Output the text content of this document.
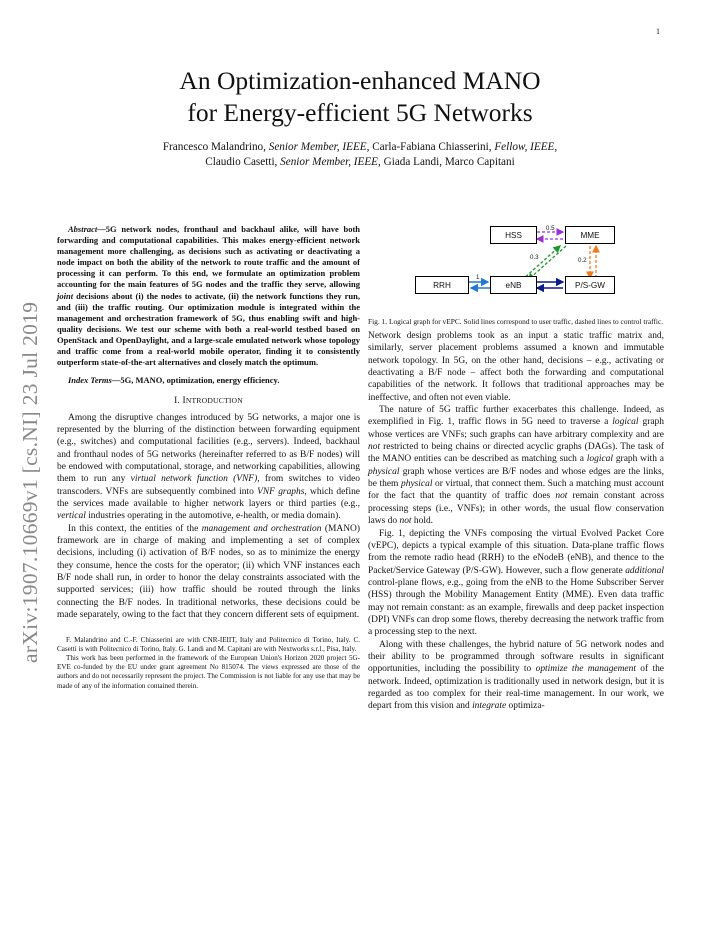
1
arXiv:1907.10669v1 [cs.NI] 23 Jul 2019
An Optimization-enhanced MANO
for Energy-efficient 5G Networks
Francesco Malandrino, Senior Member, IEEE, Carla-Fabiana Chiasserini, Fellow, IEEE,
Claudio Casetti, Senior Member, IEEE, Giada Landi, Marco Capitani

Abstract—5G network nodes, fronthaul and backhaul alike, will have both forwarding and computational capabilities. This makes energy-efficient network management more challenging, as decisions such as activating or deactivating a node impact on both the ability of the network to route traffic and the amount of processing it can perform. To this end, we formulate an optimization problem accounting for the main features of 5G nodes and the traffic they serve, allowing joint decisions about (i) the nodes to activate, (ii) the network functions they run, and (iii) the traffic routing. Our optimization module is integrated within the management and orchestration framework of 5G, thus enabling swift and high-quality decisions. We test our scheme with both a real-world testbed based on OpenStack and OpenDaylight, and a large-scale emulated network whose topology and traffic come from a real-world mobile operator, finding it to consistently outperform state-of-the-art alternatives and closely match the optimum.

Index Terms—5G, MANO, optimization, energy efficiency.

I. INTRODUCTION

Among the disruptive changes introduced by 5G networks, a major one is represented by the blurring of the distinction between forwarding equipment (e.g., switches) and computational facilities (e.g., servers). Indeed, backhaul and fronthaul nodes of 5G networks (hereinafter referred to as B/F nodes) will be endowed with computational, storage, and networking capabilities, allowing them to run any virtual network function (VNF), from switches to video transcoders. VNFs are subsequently combined into VNF graphs, which define the services made available to higher network layers or third parties (e.g., vertical industries operating in the automotive, e-health, or media domain).

In this context, the entities of the management and orchestration (MANO) framework are in charge of making and implementing a set of complex decisions, including (i) activation of B/F nodes, so as to minimize the energy they consume, hence the costs for the operator; (ii) which VNF instances each B/F node shall run, in order to honor the delay constraints associated with the supported services; (iii) how traffic should be routed through the links connecting the B/F nodes. In traditional networks, these decisions could be made separately, owing to the fact that they concern different sets of equipment.

F. Malandrino and C.-F. Chiasserini are with CNR-IEIIT, Italy and Politecnico di Torino, Italy. C. Casetti is with Politecnico di Torino, Italy. G. Landi and M. Capitani are with Nextworks s.r.l., Pisa, Italy.

This work has been performed in the framework of the European Union's Horizon 2020 project 5G-EVE co-funded by the EU under grant agreement No 815074. The views expressed are those of the authors and do not necessarily represent the project. The Commission is not liable for any use that may be made of any of the information contained therein.

HSS	MME
RRH	eNB	P/S-GW
0.5
0.3	0.2
1
Fig. 1. Logical graph for vEPC. Solid lines correspond to user traffic, dashed lines to control traffic.

Network design problems took as an input a static traffic matrix and, similarly, server placement problems assumed a known and immutable network topology. In 5G, on the other hand, decisions – e.g., activating or deactivating a B/F node – affect both the forwarding and computational capabilities of the network. It follows that traditional approaches may be ineffective, and often not even viable.

The nature of 5G traffic further exacerbates this challenge. Indeed, as exemplified in Fig. 1, traffic flows in 5G need to traverse a logical graph whose vertices are VNFs; such graphs can have arbitrary complexity and are not restricted to being chains or directed acyclic graphs (DAGs). The task of the MANO entities can be described as matching such a logical graph with a physical graph whose vertices are B/F nodes and whose edges are the links, be them physical or virtual, that connect them. Such a matching must account for the fact that the quantity of traffic does not remain constant across processing steps (i.e., VNFs); in other words, the usual flow conservation laws do not hold.

Fig. 1, depicting the VNFs composing the virtual Evolved Packet Core (vEPC), depicts a typical example of this situation. Data-plane traffic flows from the remote radio head (RRH) to the eNodeB (eNB), and thence to the Packet/Service Gateway (P/S-GW). However, such a flow generate additional control-plane flows, e.g., going from the eNB to the Home Subscriber Server (HSS) through the Mobility Management Entity (MME). Even data traffic may not remain constant: as an example, firewalls and deep packet inspection (DPI) VNFs can drop some flows, thereby decreasing the network traffic from a processing step to the next.

Along with these challenges, the hybrid nature of 5G network nodes and their ability to be programmed through software results in significant opportunities, including the possibility to optimize the management of the network. Indeed, optimization is traditionally used in network design, but it is regarded as too complex for their real-time management. In our work, we depart from this vision and integrate optimiza-
